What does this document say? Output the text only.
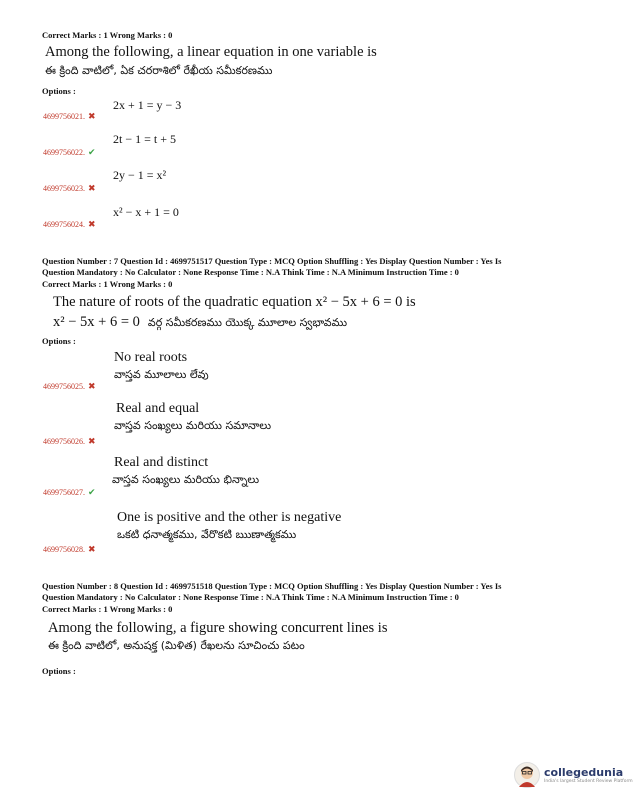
Correct Marks : 1 Wrong Marks : 0
Among the following, a linear equation in one variable is
ఈ క్రింది వాటిలో, ఏక చరరాశిలో రేఖీయ సమీకరణము
Options :
2x + 1 = y − 3
4699756021. ✖
2t − 1 = t + 5
4699756022. ✔
2y − 1 = x²
4699756023. ✖
x² − x + 1 = 0
4699756024. ✖
Question Number : 7 Question Id : 4699751517 Question Type : MCQ Option Shuffling : Yes Display Question Number : Yes Is
Question Mandatory : No Calculator : None Response Time : N.A Think Time : N.A Minimum Instruction Time : 0
Correct Marks : 1 Wrong Marks : 0
The nature of roots of the quadratic equation x² − 5x + 6 = 0 is
x² − 5x + 6 = 0 వర్గ సమీకరణము యొక్క మూలాల స్వభావము
Options :
No real roots
వాస్తవ మూలాలు లేవు
4699756025. ✖
Real and equal
వాస్తవ సంఖ్యలు మరియు సమానాలు
4699756026. ✖
Real and distinct
వాస్తవ సంఖ్యలు మరియు భిన్నాలు
4699756027. ✔
One is positive and the other is negative
ఒకటి ధనాత్మకము, వేరొకటి ఋణాత్మకము
4699756028. ✖
Question Number : 8 Question Id : 4699751518 Question Type : MCQ Option Shuffling : Yes Display Question Number : Yes Is
Question Mandatory : No Calculator : None Response Time : N.A Think Time : N.A Minimum Instruction Time : 0
Correct Marks : 1 Wrong Marks : 0
Among the following, a figure showing concurrent lines is
ఈ క్రింది వాటిలో, అనుషక్త (మిళిత) రేఖలను సూచించు పటం
Options :
collegedunia
India's largest Student Review Platform
